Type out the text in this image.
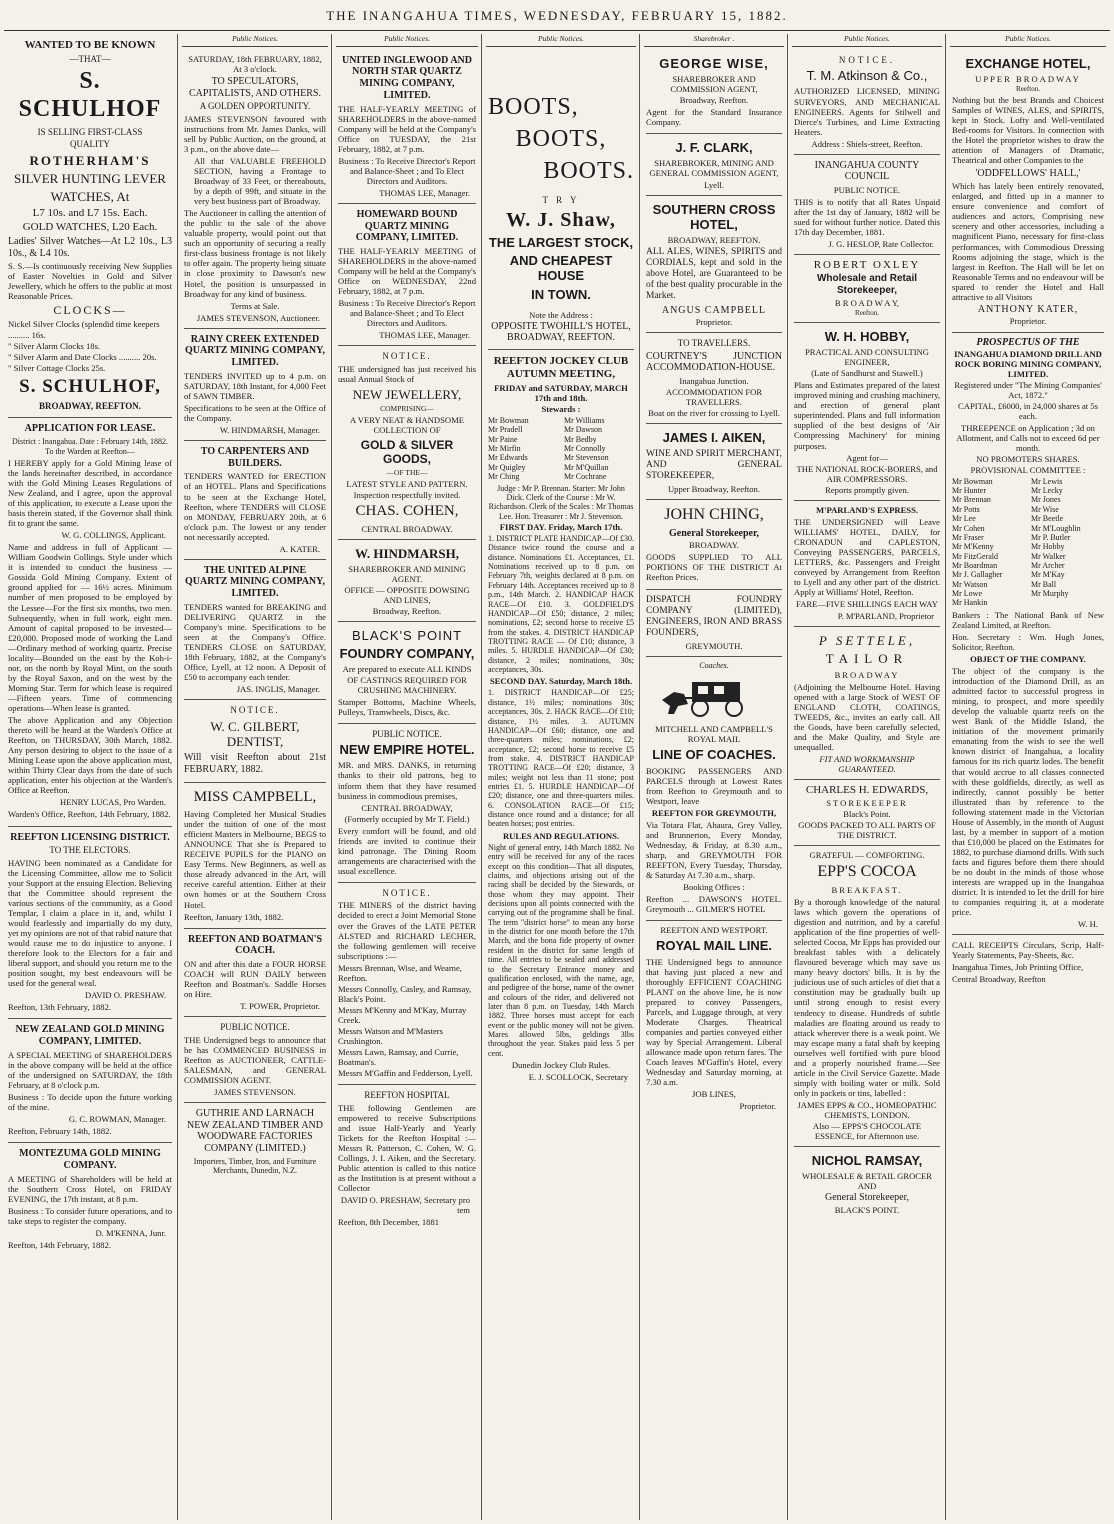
THE INANGAHUA TIMES, WEDNESDAY, FEBRUARY 15, 1882.
WANTED TO BE KNOWN
—THAT—
S. SCHULHOF
IS SELLING FIRST-CLASS
QUALITY
ROTHERHAM'S
SILVER HUNTING LEVER
WATCHES, At
L7 10s. and L7 15s. Each.
GOLD WATCHES, L20 Each.
Ladies' Silver Watches—At L2 10s., L3 10s., & L4 10s.
S. S.—Is continuously receiving New Supplies of Easter Novelties in Gold and Silver Jewellery, which he offers to the public at most Reasonable Prices.
CLOCKS—
Nickel Silver Clocks (splendid time keepers .......... 16s.
" Silver Alarm Clocks 18s.
" Silver Alarm and Date Clocks .......... 20s.
" Silver Cottage Clocks 25s.
S. SCHULHOF,
BROADWAY, REEFTON.
APPLICATION FOR LEASE.
District : Inangahua. Date : February 14th, 1882. To the Warden at Reefton—
I HEREBY apply for a Gold Mining lease of the lands hereinafter described, in accordance with the Gold Mining Leases Regulations of New Zealand, and I agree, upon the approval of this application, to execute a Lease upon the basis therein stated, if the Governor shall think fit to grant the same.
W. G. COLLINGS, Applicant.
Name and address in full of Applicant — William Goodwin Collings. Style under which it is intended to conduct the business — Gossida Gold Mining Company. Extent of ground applied for — 16½ acres. Minimum number of men proposed to be employed by the Lessee—For the first six months, two men. Subsequently, when in full work, eight men. Amount of capital proposed to be invested—£20,000. Proposed mode of working the Land—Ordinary method of working quartz. Precise locality—Bounded on the east by the Koh-i-nor, on the north by Royal Mint, on the south by the Royal Saxon, and on the west by the Morning Star. Term for which lease is required—Fifteen years. Time of commencing operations—When lease is granted.
The above Application and any Objection thereto will be heard at the Warden's Office at Reefton, on THURSDAY, 30th March, 1882. Any person desiring to object to the issue of a Mining Lease upon the above application must, within Thirty Clear days from the date of such application, enter his objection at the Warden's Office at Reefton.
HENRY LUCAS, Pro Warden.
Warden's Office, Reefton, 14th February, 1882.
REEFTON LICENSING DISTRICT.
TO THE ELECTORS.
HAVING been nominated as a Candidate for the Licensing Committee, allow me to Solicit your Support at the ensuing Election. Believing that the Committee should represent the various sections of the community, as a Good Templar, I claim a place in it, and, whilst I would fearlessly and impartially do my duty, yet my opinions are not of that rabid nature that would cause me to do injustice to anyone. I therefore look to the Electors for a fair and liberal support, and should you return me to the position sought, my best endeavours will be used for the general weal.
DAVID O. PRESHAW.
Reefton, 13th February, 1882.
NEW ZEALAND GOLD MINING COMPANY, LIMITED.
A SPECIAL MEETING of SHAREHOLDERS in the above company will be held at the office of the undersigned on SATURDAY, the 18th February, at 8 o'clock p.m.
Business : To decide upon the future working of the mine.
G. C. ROWMAN, Manager.
Reefton, February 14th, 1882.
MONTEZUMA GOLD MINING COMPANY.
A MEETING of Shareholders will be held at the Southern Cross Hotel, on FRIDAY EVENING, the 17th instant, at 8 p.m.
Business : To consider future operations, and to take steps to register the company.
D. M'KENNA, Junr.
Reefton, 14th February, 1882.
Public Notices.
SATURDAY, 18th FEBRUARY, 1882, At 3 o'clock.
TO SPECULATORS, CAPITALISTS, AND OTHERS.
A GOLDEN OPPORTUNITY.
JAMES STEVENSON favoured with instructions from Mr. James Danks, will sell by Public Auction, on the ground, at 3 p.m., on the above date—
All that VALUABLE FREEHOLD SECTION, having a Frontage to Broadway of 33 Feet, or thereabouts, by a depth of 99ft, and situate in the very best business part of Broadway.
The Auctioneer in calling the attention of the public to the sale of the above valuable property, would point out that such an opportunity of securing a really first-class business frontage is not likely to offer again. The property being situate in close proximity to Dawson's new Hotel, the position is unsurpassed in Broadway for any kind of business.
Terms at Sale.
JAMES STEVENSON, Auctioneer.
RAINY CREEK EXTENDED QUARTZ MINING COMPANY, LIMITED.
TENDERS INVITED up to 4 p.m. on SATURDAY, 18th Instant, for 4,000 Feet of SAWN TIMBER.
Specifications to be seen at the Office of the Company.
W. HINDMARSH, Manager.
TO CARPENTERS AND BUILDERS.
TENDERS WANTED for ERECTION of an HOTEL. Plans and Specifications to be seen at the Exchange Hotel, Reefton, where TENDERS will CLOSE on MONDAY, FEBRUARY 20th, at 6 o'clock p.m. The lowest or any tender not necessarily accepted.
A. KATER.
THE UNITED ALPINE QUARTZ MINING COMPANY, LIMITED.
TENDERS wanted for BREAKING and DELIVERING QUARTZ in the Company's mine. Specifications to be seen at the Company's Office. TENDERS CLOSE on SATURDAY, 18th February, 1882, at the Company's Office, Lyell, at 12 noon. A Deposit of £50 to accompany each tender.
JAS. INGLIS, Manager.
NOTICE.
W. C. GILBERT, DENTIST,
Will visit Reefton about 21st FEBRUARY, 1882.
MISS CAMPBELL,
Having Completed her Musical Studies under the tuition of one of the most efficient Masters in Melbourne, BEGS to ANNOUNCE That she is Prepared to RECEIVE PUPILS for the PIANO on Easy Terms. New Beginners, as well as those already advanced in the Art, will receive careful attention. Either at their own homes or at the Southern Cross Hotel.
Reefton, January 13th, 1882.
REEFTON AND BOATMAN'S COACH.
ON and after this date a FOUR HORSE COACH will RUN DAILY between Reefton and Boatman's. Saddle Horses on Hire.
T. POWER, Proprietor.
PUBLIC NOTICE.
THE Undersigned begs to announce that he has COMMENCED BUSINESS in Reefton as AUCTIONEER, CATTLE-SALESMAN, and GENERAL COMMISSION AGENT.
JAMES STEVENSON.
GUTHRIE AND LARNACH NEW ZEALAND TIMBER AND WOODWARE FACTORIES COMPANY (LIMITED.)
Importers, Timber, Iron, and Furniture Merchants, Dunedin, N.Z.
Public Notices.
UNITED INGLEWOOD AND NORTH STAR QUARTZ MINING COMPANY, LIMITED.
THE HALF-YEARLY MEETING of SHAREHOLDERS in the above-named Company will be held at the Company's Office on TUESDAY, the 21st February, 1882, at 7 p.m.
Business : To Receive Director's Report and Balance-Sheet ; and To Elect Directors and Auditors.
THOMAS LEE, Manager.
HOMEWARD BOUND QUARTZ MINING COMPANY, LIMITED.
THE HALF-YEARLY MEETING of SHAREHOLDERS in the above-named Company will be held at the Company's Office on WEDNESDAY, 22nd February, 1882, at 7 p.m.
Business : To Receive Director's Report and Balance-Sheet ; and To Elect Directors and Auditors.
THOMAS LEE, Manager.
NOTICE.
THE undersigned has just received his usual Annual Stock of
NEW JEWELLERY,
COMPRISING—
A VERY NEAT & HANDSOME COLLECTION OF
GOLD & SILVER GOODS,
—OF THE—
LATEST STYLE AND PATTERN.
Inspection respectfully invited.
CHAS. COHEN,
CENTRAL BROADWAY.
W. HINDMARSH,
SHAREBROKER AND MINING AGENT.
OFFICE — OPPOSITE DOWSING AND LINES,
Broadway, Reefton.
BLACK'S POINT
FOUNDRY COMPANY,
Are prepared to execute ALL KINDS OF CASTINGS REQUIRED FOR CRUSHING MACHINERY.
Stamper Bottoms, Machine Wheels, Pulleys, Tramwheels, Discs, &c.
PUBLIC NOTICE.
NEW EMPIRE HOTEL.
MR. and MRS. DANKS, in returning thanks to their old patrons, beg to inform them that they have resumed business in commodious premises,
CENTRAL BROADWAY,
(Formerly occupied by Mr T. Field.)
Every comfort will be found, and old friends are invited to continue their kind patronage. The Dining Room arrangements are characterised with the usual excellence.
NOTICE.
THE MINERS of the district having decided to erect a Joint Memorial Stone over the Graves of the LATE PETER ALSTED and RICHARD LECHER, the following gentlemen will receive subscriptions :—
Messrs Brennan, Wise, and Wearne, Reefton.
Messrs Connolly, Casley, and Ramsay, Black's Point.
Messrs M'Kenny and M'Kay, Murray Creek.
Messrs Watson and M'Masters Crushington.
Messrs Lawn, Ramsay, and Currie, Boatman's.
Messrs M'Gaffin and Fedderson, Lyell.
REEFTON HOSPITAL
THE following Gentlemen are empowered to receive Subscriptions and issue Half-Yearly and Yearly Tickets for the Reefton Hospital :— Messrs R. Patterson, C. Cohen, W. G. Collings, J. I. Aiken, and the Secretary. Public attention is called to this notice as the Institution is at present without a Collector
DAVID O. PRESHAW, Secretary pro tem
Reefton, 8th December, 1881
Public Notices.
BOOTS,
BOOTS,
BOOTS.
T R Y
W. J. Shaw,
THE LARGEST STOCK,
AND CHEAPEST HOUSE
IN TOWN.
Note the Address :
OPPOSITE TWOHILL'S HOTEL, BROADWAY, REEFTON.
REEFTON JOCKEY CLUB AUTUMN MEETING,
FRIDAY and SATURDAY, MARCH 17th and 18th.
Stewards :
Mr Bowman
Mr Pradell
Mr Paine
Mr Mirfin
Mr Edwards
Mr Quigley
Mr Ching
Mr Williams
Mr Dawson
Mr Bedby
Mr Connolly
Mr Stevenson
Mr M'Quillan
Mr Cochrane
Judge : Mr P. Brennan. Starter: Mr John Dick. Clerk of the Course : Mr W. Richardson. Clerk of the Scales : Mr Thomas Lee. Hon. Treasurer : Mr J. Stevenson.
FIRST DAY. Friday, March 17th.
1. DISTRICT PLATE HANDICAP—Of £30. Distance twice round the course and a distance. Nominations £1. Acceptances, £1. Nominations received up to 8 p.m. on February 7th, weights declared at 8 p.m. on February 14th. Acceptances received up to 8 p.m., 14th March. 2. HANDICAP HACK RACE—Of £10. 3. GOLDFIELD'S HANDICAP—Of £50; distance, 2 miles; nominations, £2; second horse to receive £5 from the stakes. 4. DISTRICT HANDICAP TROTTING RACE — Of £10; distance, 3 miles. 5. HURDLE HANDICAP—Of £30; distance, 2 miles; nominations, 30s; acceptances, 30s.
SECOND DAY. Saturday, March 18th.
1. DISTRICT HANDICAP—Of £25; distance, 1½ miles; nominations 30s; acceptances, 30s. 2. HACK RACE—Of £10; distance, 1½ miles. 3. AUTUMN HANDICAP—Of £60; distance, one and three-quarters miles; nominations, £2; acceptance, £2; second horse to receive £5 from stake. 4. DISTRICT HANDICAP TROTTING RACE—Of £20; distance, 3 miles; weight not less than 11 stone; post entries £1. 5. HURDLE HANDICAP—Of £20; distance, one and three-quarters miles. 6. CONSOLATION RACE—Of £15; distance once round and a distance; for all beaten horses; post entries.
RULES AND REGULATIONS.
Night of general entry, 14th March 1882. No entry will be received for any of the races except on this condition—That all disputes, claims, and objections arising out of the racing shall be decided by the Stewards, or those whom they may appoint. Their decisions upon all points connected with the carrying out of the programme shall be final. The term "district horse" to mean any horse in the district for one month before the 17th March, and the bona fide property of owner resident in the district for same length of time. All entries to be sealed and addressed to the Secretary Entrance money and qualification enclosed, with the name, age, and pedigree of the horse, name of the owner and colours of the rider, and delivered not later than 8 p.m. on Tuesday, 14th March 1882. Three horses must accept for each event or the public money will not be given. Mares allowed 5lbs, geldings 3lbs throughout the year. Stakes paid less 5 per cent.
Dunedin Jockey Club Rules.
E. J. SCOLLOCK, Secretary
Sharebroker .
GEORGE WISE,
SHAREBROKER AND COMMISSION AGENT,
Broadway, Reefton.
Agent for the Standard Insurance Company.
J. F. CLARK,
SHAREBROKER, MINING AND GENERAL COMMISSION AGENT,
Lyell.
SOUTHERN CROSS HOTEL,
BROADWAY, REEFTON.
ALL ALES, WINES, SPIRITS and CORDIALS, kept and sold in the above Hotel, are Guaranteed to be of the best quality procurable in the Market.
ANGUS CAMPBELL
Proprietor.
TO TRAVELLERS.
COURTNEY'S JUNCTION ACCOMMODATION-HOUSE.
Inangahua Junction.
ACCOMMODATION FOR TRAVELLERS.
Boat on the river for crossing to Lyell.
JAMES I. AIKEN,
WINE AND SPIRIT MERCHANT, AND GENERAL STOREKEEPER,
Upper Broadway, Reefton.
JOHN CHING,
General Storekeeper,
BROADWAY.
GOODS SUPPLIED TO ALL PORTIONS OF THE DISTRICT At Reefton Prices.
DISPATCH FOUNDRY COMPANY (LIMITED), ENGINEERS, IRON AND BRASS FOUNDERS,
GREYMOUTH.
Coaches.
MITCHELL AND CAMPBELL'S ROYAL MAIL
LINE OF COACHES.
BOOKING PASSENGERS AND PARCELS through at Lowest Rates from Reefton to Greymouth and to Westport, leave
REEFTON FOR GREYMOUTH,
Via Totara Flat, Ahaura, Grey Valley, and Brunnerton, Every Monday, Wednesday, & Friday, at 8.30 a.m., sharp, and GREYMOUTH FOR REEFTON, Every Tuesday, Thursday, & Saturday At 7.30 a.m., sharp.
Booking Offices :
Reefton ... DAWSON'S HOTEL. Greymouth ... GILMER'S HOTEL
REEFTON AND WESTPORT.
ROYAL MAIL LINE.
THE Undersigned begs to announce that having just placed a new and thoroughly EFFICIENT COACHING PLANT on the above line, he is now prepared to convey Passengers, Parcels, and Luggage through, at very Moderate Charges. Theatrical companies and parties conveyed either way by Special Arrangement. Liberal allowance made upon return fares. The Coach leaves M'Gaffin's Hotel, every Wednesday and Saturday morning, at 7.30 a.m.
JOB LINES,
Proprietor.
Public Notices.
NOTICE.
T. M. Atkinson & Co.,
AUTHORIZED LICENSED, MINING SURVEYORS, AND MECHANICAL ENGINEERS. Agents for Stilwell and Dierce's Turbines, and Lime Extracting Heaters.
Address : Shiels-street, Reefton.
INANGAHUA COUNTY COUNCIL
PUBLIC NOTICE.
THIS is to notify that all Rates Unpaid after the 1st day of January, 1882 will be sued for without further notice. Dated this 17th day December, 1881.
J. G. HESLOP, Rate Collector.
ROBERT OXLEY
Wholesale and Retail Storekeeper,
B R O A D W A Y,
Reefton.
W. H. HOBBY,
PRACTICAL AND CONSULTING ENGINEER,
(Late of Sandhurst and Stawell.)
Plans and Estimates prepared of the latest improved mining and crushing machinery, and erection of general plant superintended. Plans and full information supplied of the best designs of 'Air Compressing Machinery' for mining purposes.
Agent for—
THE NATIONAL ROCK-BORERS, and AIR COMPRESSORS.
Reports promptly given.
M'PARLAND'S EXPRESS.
THE UNDERSIGNED will Leave WILLIAMS' HOTEL, DAILY, for CRONADUN and CAPLESTON, Conveying PASSENGERS, PARCELS, LETTERS, &c. Passengers and Freight conveyed by Arrangement from Reefton to Lyell and any other part of the district. Apply at Williams' Hotel, Reefton.
FARE—FIVE SHILLINGS EACH WAY
P. M'PARLAND, Proprietor
P SETTELE,
TAILOR
BROADWAY
(Adjoining the Melbourne Hotel. Having opened with a large Stock of WEST OF ENGLAND CLOTH, COATINGS, TWEEDS, &c., invites an early call. All the Goods, have been carefully selected, and the Make Quality, and Style are unequalled.
FIT AND WORKMANSHIP GUARANTEED.
CHARLES H. EDWARDS,
STOREKEEPER
Black's Point.
GOODS PACKED TO ALL PARTS OF THE DISTRICT.
GRATEFUL — COMFORTING.
EPP'S COCOA
BREAKFAST.
By a thorough knowledge of the natural laws which govern the operations of digestion and nutrition, and by a careful application of the fine properties of well-selected Cocoa, Mr Epps has provided our breakfast tables with a delicately flavoured beverage which may save us many heavy doctors' bills. It is by the judicious use of such articles of diet that a constitution may be gradually built up until strong enough to resist every tendency to disease. Hundreds of subtle maladies are floating around us ready to attack wherever there is a weak point. We may escape many a fatal shaft by keeping ourselves well fortified with pure blood and a properly nourished frame.—See article in the Civil Service Gazette. Made simply with boiling water or milk. Sold only in packets or tins, labelled :
JAMES EPPS & CO., HOMEOPATHIC CHEMISTS, LONDON.
Also — EPPS'S CHOCOLATE ESSENCE, for Afternoon use.
NICHOL RAMSAY,
WHOLESALE & RETAIL GROCER AND
General Storekeeper,
BLACK'S POINT.
Public Notices.
EXCHANGE HOTEL,
UPPER BROADWAY
Reefton.
Nothing but the best Brands and Choicest Samples of WINES, ALES, and SPIRITS, kept in Stock. Lofty and Well-ventilated Bed-rooms for Visitors. In connection with the Hotel the proprietor wishes to draw the attention of Managers of Dramatic, Theatrical and other Companies to the
'ODDFELLOWS' HALL,'
Which has lately been entirely renovated, enlarged, and fitted up in a manner to ensure convenience and comfort of audiences and actors, Comprising new scenery and other accessories, including a magnificent Piano, necessary for first-class performances, with Commodious Dressing Rooms adjoining the stage, which is the largest in Reefton. The Hall will be let on Reasonable Terms and no endeavour will be spared to render the Hotel and Hall attractive to all Visitors
ANTHONY KATER,
Proprietor.
PROSPECTUS OF THE
INANGAHUA DIAMOND DRILL AND ROCK BORING MINING COMPANY, LIMITED.
Registered under "The Mining Companies' Act, 1872."
CAPITAL, £6000, in 24,000 shares at 5s each.
THREEPENCE on Application ; 3d on Allotment, and Calls not to exceed 6d per month.
NO PROMOTERS SHARES.
PROVISIONAL COMMITTEE :
Mr Bowman
Mr Hunter
Mr Brennan
Mr Potts
Mr Lee
Mr Cohen
Mr Fraser
Mr M'Kenny
Mr FitzGerald
Mr Boardman
Mr J. Gallagher
Mr Watson
Mr Lowe
Mr Hankin
Mr Lewis
Mr Lecky
Mr Jones
Mr Wise
Mr Beetle
Mr M'Loughlin
Mr P. Butler
Mr Hobby
Mr Walker
Mr Archer
Mr M'Kay
Mr Ball
Mr Murphy
Bankers : The National Bank of New Zealand Limited, at Reefton.
Hon. Secretary : Wm. Hugh Jones, Solicitor, Reefton.
OBJECT OF THE COMPANY.
The object of the company is the introduction of the Diamond Drill, as an admitted factor to successful progress in mining, to prospect, and more speedily develop the valuable quartz reefs on the west Bank of the Middle Island, the initiation of the movement primarily emanating from the wish to see the well known district of Inangahua, a locality famous for its rich quartz lodes. The benefit that would accrue to all classes connected with these goldfields, directly, as well as indirectly, cannot possibly be better illustrated than by reference to the following statement made in the Victorian House of Assembly, in the month of August last, by a member in support of a motion that £10,000 be placed on the Estimates for 1882, to purchase diamond drills. With such facts and figures before them there should be no doubt in the minds of those whose interests are wrapped up in the Inangahua district. It is intended to let the drill for hire to companies requiring it, at a moderate price.
W. H.
CALL RECEIPTS Circulars, Scrip, Half-Yearly Statements, Pay-Sheets, &c.
Inangahua Times, Job Printing Office,
Central Broadway, Reefton
